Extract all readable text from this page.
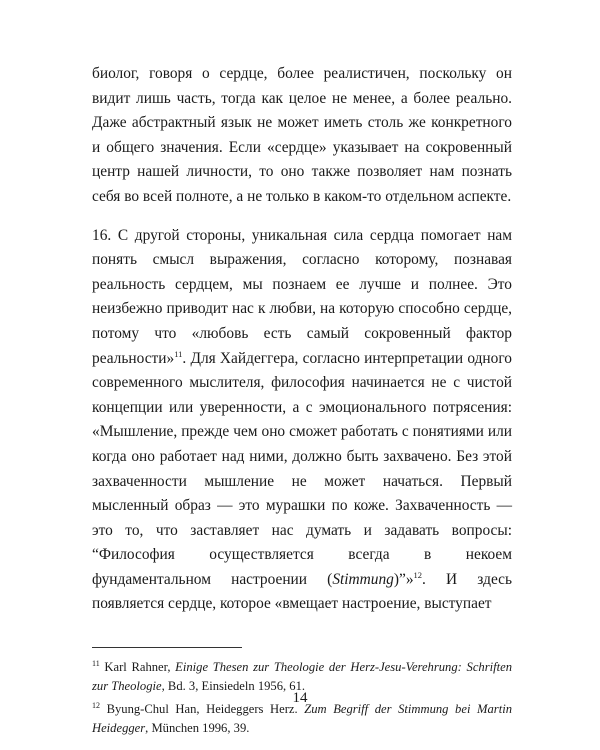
биолог, говоря о сердце, более реалистичен, поскольку он видит лишь часть, тогда как целое не менее, а более реально. Даже абстрактный язык не может иметь столь же конкретного и общего значения. Если «сердце» указывает на сокровенный центр нашей личности, то оно также позволяет нам познать себя во всей полноте, а не только в каком-то отдельном аспекте.

16. С другой стороны, уникальная сила сердца помогает нам понять смысл выражения, согласно которому, познавая реальность сердцем, мы познаем ее лучше и полнее. Это неизбежно приводит нас к любви, на которую способно сердце, потому что «любовь есть самый сокровенный фактор реальности»$^{11}$. Для Хайдеггера, согласно интерпретации одного современного мыслителя, философия начинается не с чистой концепции или уверенности, а с эмоционального потрясения: «Мышление, прежде чем оно сможет работать с понятиями или когда оно работает над ними, должно быть захвачено. Без этой захваченности мышление не может начаться. Первый мысленный образ — это мурашки по коже. Захваченность — это то, что заставляет нас думать и задавать вопросы: “Философия осуществляется всегда в некоем фундаментальном настроении (Stimmung)”»$^{12}$. И здесь появляется сердце, которое «вмещает настроение, выступает

$^{11}$ Karl Rahner, Einige Thesen zur Theologie der Herz-Jesu-Verehrung: Schriften zur Theologie, Bd. 3, Einsiedeln 1956, 61.

$^{12}$ Byung-Chul Han, Heideggers Herz. Zum Begriff der Stimmung bei Martin Heidegger, München 1996, 39.

14
